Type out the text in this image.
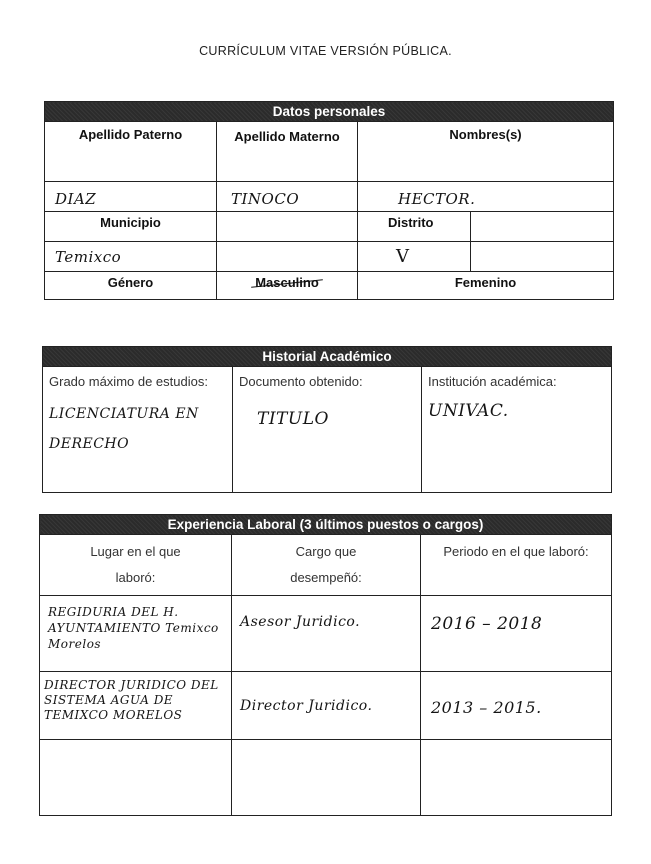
CURRÍCULUM VITAE VERSIÓN PÚBLICA.
Datos personales			
Apellido Paterno	Apellido Materno	Nombres(s)	
DIAZ	TINOCO	HECTOR.	
Municipio		Distrito	
Temixco		V	
Género	Masculino	Femenino	
Historial Académico

Grado máximo de estudios:
LICENCIATURA EN DERECHO

Documento obtenido:
TITULO

Institución académica:
UNIVAC.
Experiencia Laboral (3 últimos puestos o cargos)		
Lugar en el que laboró:	Cargo que desempeñó:	Periodo en el que laboró:
REGIDURIA DEL H. AYUNTAMIENTO Temixco Morelos	Asesor Juridico.	2016 – 2018
DIRECTOR JURIDICO DEL SISTEMA AGUA DE TEMIXCO MORELOS	Director Juridico.	2013 – 2015.
